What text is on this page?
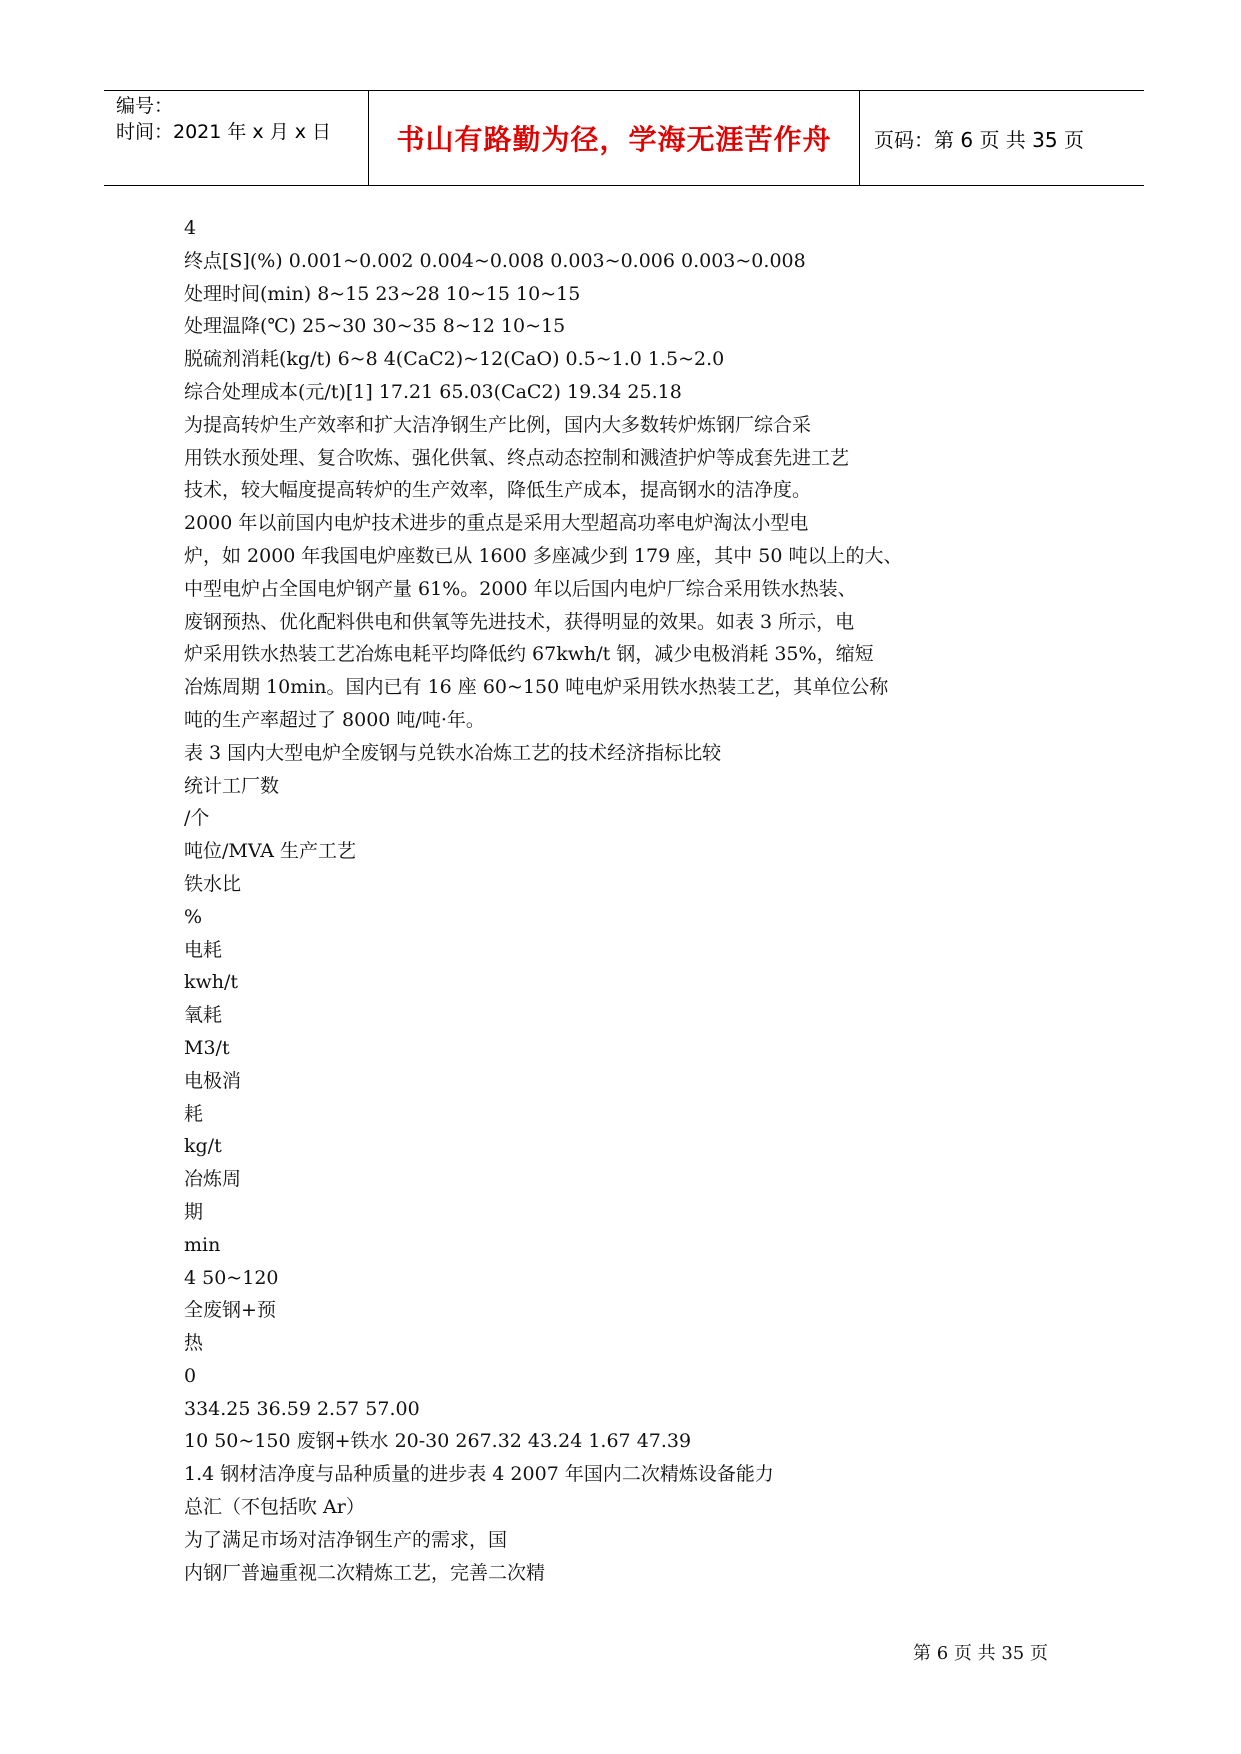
编号：
时间：2021 年 x 月 x 日	书山有路勤为径，学海无涯苦作舟	页码：第 6 页 共 35 页
4
终点[S](%) 0.001~0.002 0.004~0.008 0.003~0.006 0.003~0.008
处理时间(min) 8~15 23~28 10~15 10~15
处理温降(℃) 25~30 30~35 8~12 10~15
脱硫剂消耗(kg/t) 6~8 4(CaC2)~12(CaO) 0.5~1.0 1.5~2.0
综合处理成本(元/t)[1] 17.21 65.03(CaC2) 19.34 25.18
为提高转炉生产效率和扩大洁净钢生产比例，国内大多数转炉炼钢厂综合采
用铁水预处理、复合吹炼、强化供氧、终点动态控制和溅渣护炉等成套先进工艺
技术，较大幅度提高转炉的生产效率，降低生产成本，提高钢水的洁净度。
2000 年以前国内电炉技术进步的重点是采用大型超高功率电炉淘汰小型电
炉，如 2000 年我国电炉座数已从 1600 多座减少到 179 座，其中 50 吨以上的大、
中型电炉占全国电炉钢产量 61%。2000 年以后国内电炉厂综合采用铁水热装、
废钢预热、优化配料供电和供氧等先进技术，获得明显的效果。如表 3 所示，电
炉采用铁水热装工艺冶炼电耗平均降低约 67kwh/t 钢，减少电极消耗 35%，缩短
冶炼周期 10min。国内已有 16 座 60~150 吨电炉采用铁水热装工艺，其单位公称
吨的生产率超过了 8000 吨/吨·年。
表 3 国内大型电炉全废钢与兑铁水冶炼工艺的技术经济指标比较
统计工厂数
/个
吨位/MVA 生产工艺
铁水比
%
电耗
kwh/t
氧耗
M3/t
电极消
耗
kg/t
冶炼周
期
min
4 50~120
全废钢+预
热
0
334.25 36.59 2.57 57.00
10 50~150 废钢+铁水 20-30 267.32 43.24 1.67 47.39
1.4 钢材洁净度与品种质量的进步表 4 2007 年国内二次精炼设备能力
总汇（不包括吹 Ar）
为了满足市场对洁净钢生产的需求，国
内钢厂普遍重视二次精炼工艺，完善二次精
第 6 页 共 35 页
